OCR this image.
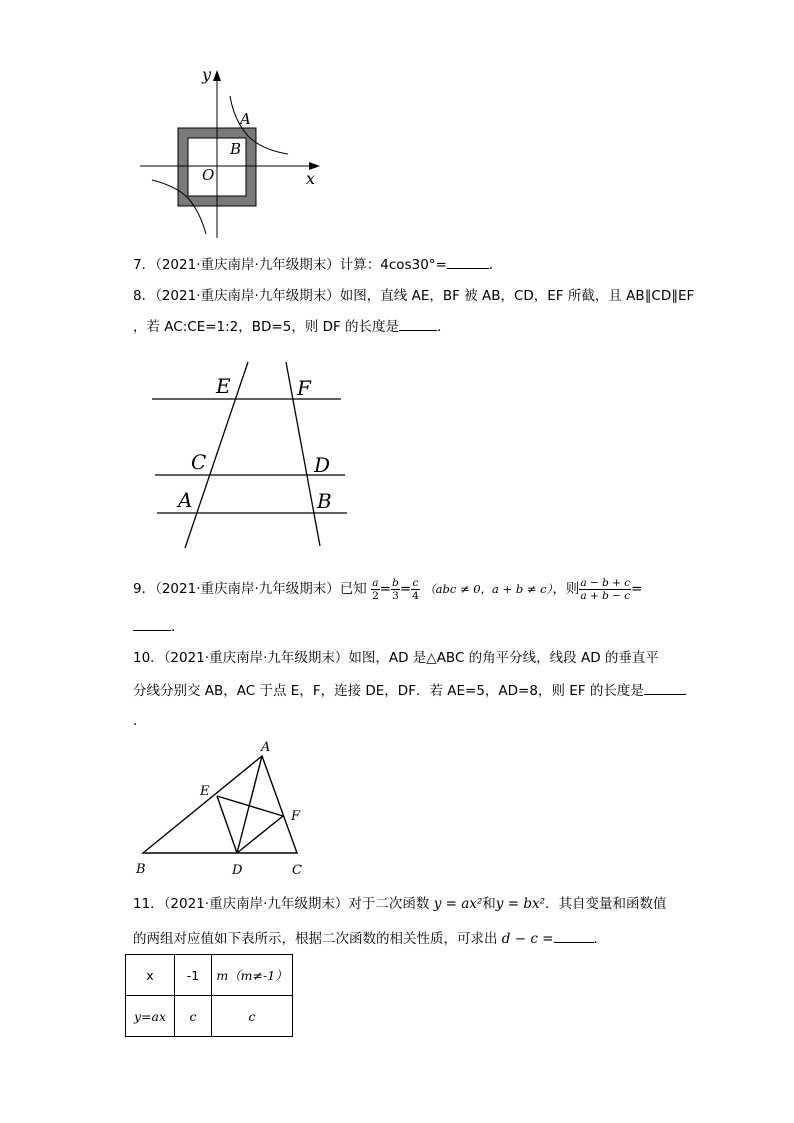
y
x
A
B
O
7．（2021·重庆南岸·九年级期末）计算：4cos30°=	．
8．（2021·重庆南岸·九年级期末）如图，直线 AE，BF 被 AB，CD，EF 所截，且 AB∥CD∥EF
，若 AC:CE=1:2，BD=5，则 DF 的长度是	．
E	F
C	D
A	B
9．（2021·重庆南岸·九年级期末）已知 $\frac{a}{2} = \frac{b}{3} = \frac{c}{4} (abc \ne 0$，a + b ≠ c），则 $\frac{a - b + c}{a + b - c}$ =
．
10．（2021·重庆南岸·九年级期末）如图，AD 是△ABC 的角平分线，线段 AD 的垂直平
分线分别交 AB，AC 于点 E，F，连接 DE，DF．若 AE=5，AD=8，则 EF 的长度是
．
A
E
F
B	D	C
11．（2021·重庆南岸·九年级期末）对于二次函数 y = ax²和y = bx²．其自变量和函数值
的两组对应值如下表所示，根据二次函数的相关性质，可求出 d − c =	．
x	-1	m（m≠-1）
y=ax	c	c
